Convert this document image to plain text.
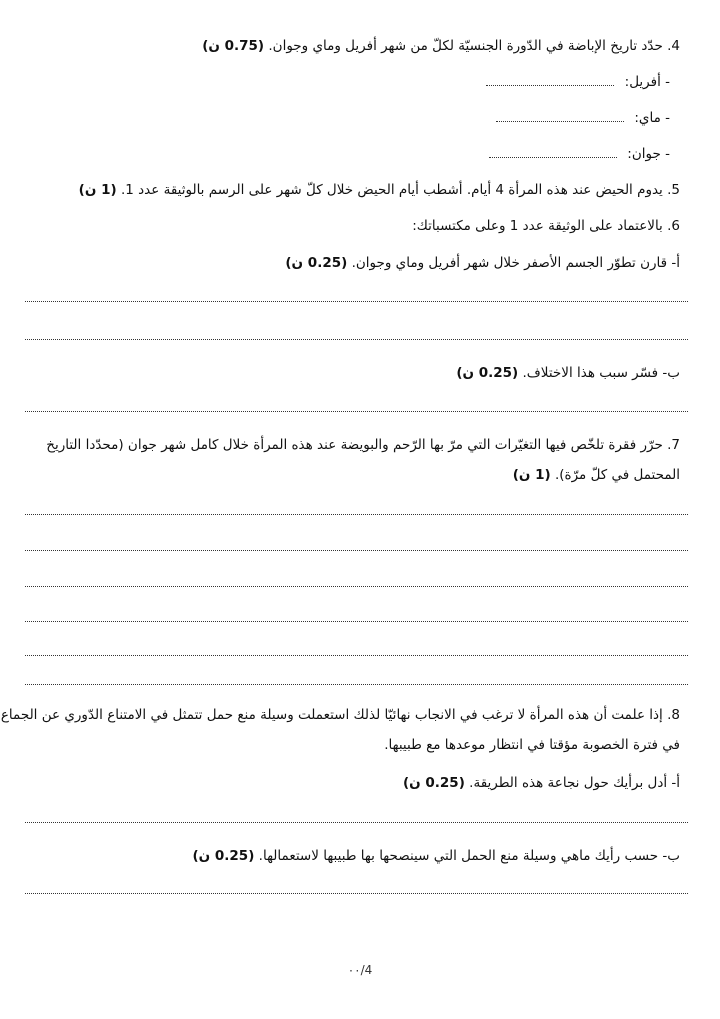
4. حدّد تاريخ الإباضة في الدّورة الجنسيّة لكلّ من شهر أفريل وماي وجوان. (0.75 ن)
- أفريل:
- ماي:
- جوان:
5. يدوم الحيض عند هذه المرأة 4 أيام. أشطب أيام الحيض خلال كلّ شهر على الرسم بالوثيقة عدد 1. (1 ن)
6. بالاعتماد على الوثيقة عدد 1 وعلى مكتسباتك:
أ- قارن تطوّر الجسم الأصفر خلال شهر أفريل وماي وجوان. (0.25 ن)
ب- فسّر سبب هذا الاختلاف. (0.25 ن)
7. حرّر فقرة تلخّص فيها التغيّرات التي مرّ بها الرّحم والبويضة عند هذه المرأة خلال كامل شهر جوان (محدّدا التاريخ
المحتمل في كلّ مرّة). (1 ن)
8. إذا علمت أن هذه المرأة لا ترغب في الانجاب نهائيّا لذلك استعملت وسيلة منع حمل تتمثل في الامتناع الدّوري عن الجماع
في فترة الخصوبة مؤقتا في انتظار موعدها مع طبيبها.
أ- أدل برأيك حول نجاعة هذه الطريقة. (0.25 ن)
ب- حسب رأيك ماهي وسيلة منع الحمل التي سينصحها بها طبيبها لاستعمالها. (0.25 ن)
4/٠٠
